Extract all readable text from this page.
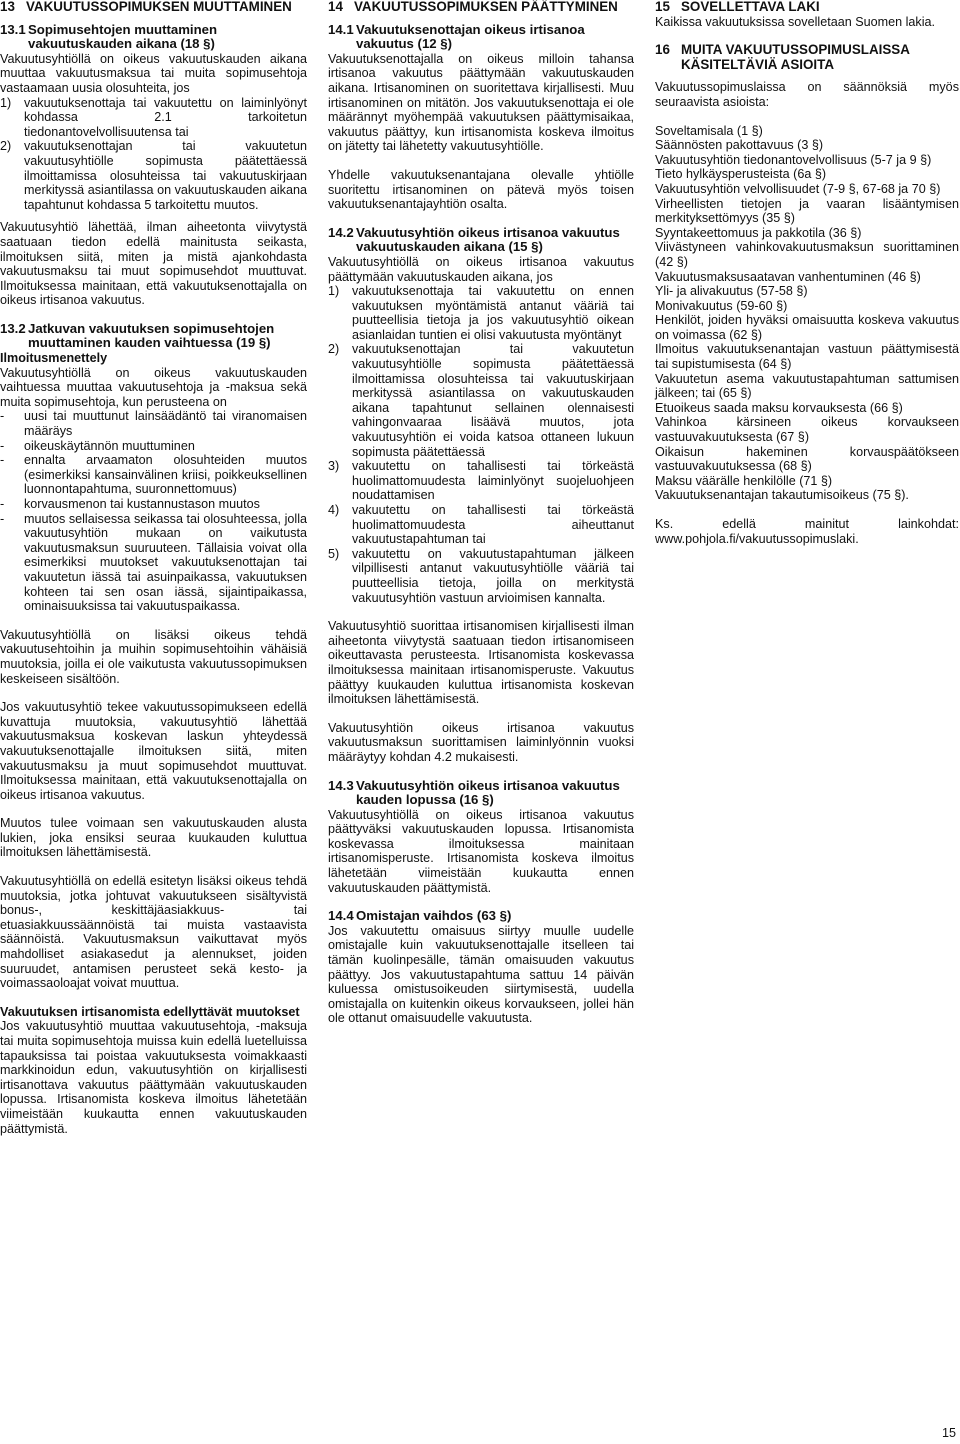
13 VAKUUTUSSOPIMUKSEN MUUTTAMINEN
13.1 Sopimusehtojen muuttaminen vakuutuskauden aikana (18 §)

Vakuutusyhtiöllä on oikeus vakuutuskauden aikana muuttaa vakuutusmaksua tai muita sopimusehtoja vastaamaan uusia olosuhteita, jos

1)	vakuutuksenottaja tai vakuutettu on laiminlyönyt kohdassa 2.1 tarkoitetun tiedonantovelvollisuutensa tai
2)	vakuutuksenottajan tai vakuutetun vakuutusyhtiölle sopimusta päätettäessä ilmoittamissa olosuhteissa tai vakuutuskirjaan merkityssä asiantilassa on vakuutuskauden aikana tapahtunut kohdassa 5 tarkoitettu muutos.

Vakuutusyhtiö lähettää, ilman aiheetonta viivytystä saatuaan tiedon edellä mainitusta seikasta, ilmoituksen siitä, miten ja mistä ajankohdasta vakuutusmaksu tai muut sopimusehdot muuttuvat. Ilmoituksessa mainitaan, että vakuutuksenottajalla on oikeus irtisanoa vakuutus.

13.2 Jatkuvan vakuutuksen sopimusehtojen muuttaminen kauden vaihtuessa (19 §)
Ilmoitusmenettely

Vakuutusyhtiöllä on oikeus vakuutuskauden vaihtuessa muuttaa vakuutusehtoja ja -maksua sekä muita sopimusehtoja, kun perusteena on

-	uusi tai muuttunut lainsäädäntö tai viranomaisen määräys
-	oikeuskäytännön muuttuminen
-	ennalta arvaamaton olosuhteiden muutos (esimerkiksi kansainvälinen kriisi, poikkeuksellinen luonnontapahtuma, suuronnettomuus)
-	korvausmenon tai kustannustason muutos
-	muutos sellaisessa seikassa tai olosuhteessa, jolla vakuutusyhtiön mukaan on vaikutusta vakuutusmaksun suuruuteen. Tällaisia voivat olla esimerkiksi muutokset vakuutuksenottajan tai vakuutetun iässä tai asuinpaikassa, vakuutuksen kohteen tai sen osan iässä, sijaintipaikassa, ominaisuuksissa tai vakuutuspaikassa.

Vakuutusyhtiöllä on lisäksi oikeus tehdä vakuutusehtoihin ja muihin sopimusehtoihin vähäisiä muutoksia, joilla ei ole vaikutusta vakuutussopimuksen keskeiseen sisältöön.

Jos vakuutusyhtiö tekee vakuutussopimukseen edellä kuvattuja muutoksia, vakuutusyhtiö lähettää vakuutusmaksua koskevan laskun yhteydessä vakuutuksenottajalle ilmoituksen siitä, miten vakuutusmaksu ja muut sopimusehdot muuttuvat. Ilmoituksessa mainitaan, että vakuutuksenottajalla on oikeus irtisanoa vakuutus.

Muutos tulee voimaan sen vakuutuskauden alusta lukien, joka ensiksi seuraa kuukauden kuluttua ilmoituksen lähettämisestä.

Vakuutusyhtiöllä on edellä esitetyn lisäksi oikeus tehdä muutoksia, jotka johtuvat vakuutukseen sisältyvistä bonus-, keskittäjäasiakkuus- tai etuasiakkuussäännöistä tai muista vastaavista säännöistä. Vakuutusmaksun vaikuttavat myös mahdolliset asiakasedut ja alennukset, joiden suuruudet, antamisen perusteet sekä kesto- ja voimassaoloajat voivat muuttua.

Vakuutuksen irtisanomista edellyttävät muutokset

Jos vakuutusyhtiö muuttaa vakuutusehtoja, -maksuja tai muita sopimusehtoja muissa kuin edellä luetelluissa tapauksissa tai poistaa vakuutuksesta voimakkaasti markkinoidun edun, vakuutusyhtiön on kirjallisesti irtisanottava vakuutus päättymään vakuutuskauden lopussa. Irtisanomista koskeva ilmoitus lähetetään viimeistään kuukautta ennen vakuutuskauden päättymistä.

14 VAKUUTUSSOPIMUKSEN PÄÄTTYMINEN
14.1 Vakuutuksenottajan oikeus irtisanoa vakuutus (12 §)

Vakuutuksenottajalla on oikeus milloin tahansa irtisanoa vakuutus päättymään vakuutuskauden aikana. Irtisanominen on suoritettava kirjallisesti. Muu irtisanominen on mitätön. Jos vakuutuksenottaja ei ole määrännyt myöhempää vakuutuksen päättymisaikaa, vakuutus päättyy, kun irtisanomista koskeva ilmoitus on jätetty tai lähetetty vakuutusyhtiölle.

Yhdelle vakuutuksenantajana olevalle yhtiölle suoritettu irtisanominen on pätevä myös toisen vakuutuksenantajayhtiön osalta.

14.2 Vakuutusyhtiön oikeus irtisanoa vakuutus vakuutuskauden aikana (15 §)

Vakuutusyhtiöllä on oikeus irtisanoa vakuutus päättymään vakuutuskauden aikana, jos

1)	vakuutuksenottaja tai vakuutettu on ennen vakuutuksen myöntämistä antanut vääriä tai puutteellisia tietoja ja jos vakuutusyhtiö oikean asianlaidan tuntien ei olisi vakuutusta myöntänyt
2)	vakuutuksenottajan tai vakuutetun vakuutusyhtiölle sopimusta päätettäessä ilmoittamissa olosuhteissa tai vakuutuskirjaan merkityssä asiantilassa on vakuutuskauden aikana tapahtunut sellainen olennaisesti vahingonvaaraa lisäävä muutos, jota vakuutusyhtiön ei voida katsoa ottaneen lukuun sopimusta päätettäessä
3)	vakuutettu on tahallisesti tai törkeästä huolimattomuudesta laiminlyönyt suojeluohjeen noudattamisen
4)	vakuutettu on tahallisesti tai törkeästä huolimattomuudesta aiheuttanut vakuutustapahtuman tai
5)	vakuutettu on vakuutustapahtuman jälkeen vilpillisesti antanut vakuutusyhtiölle vääriä tai puutteellisia tietoja, joilla on merkitystä vakuutusyhtiön vastuun arvioimisen kannalta.

Vakuutusyhtiö suorittaa irtisanomisen kirjallisesti ilman aiheetonta viivytystä saatuaan tiedon irtisanomiseen oikeuttavasta perusteesta. Irtisanomista koskevassa ilmoituksessa mainitaan irtisanomisperuste. Vakuutus päättyy kuukauden kuluttua irtisanomista koskevan ilmoituksen lähettämisestä.

Vakuutusyhtiön oikeus irtisanoa vakuutus vakuutusmaksun suorittamisen laiminlyönnin vuoksi määräytyy kohdan 4.2 mukaisesti.

14.3 Vakuutusyhtiön oikeus irtisanoa vakuutus kauden lopussa (16 §)

Vakuutusyhtiöllä on oikeus irtisanoa vakuutus päättyväksi vakuutuskauden lopussa. Irtisanomista koskevassa ilmoituksessa mainitaan irtisanomisperuste. Irtisanomista koskeva ilmoitus lähetetään viimeistään kuukautta ennen vakuutuskauden päättymistä.

14.4 Omistajan vaihdos (63 §)

Jos vakuutettu omaisuus siirtyy muulle uudelle omistajalle kuin vakuutuksenottajalle itselleen tai tämän kuolinpesälle, tämän omaisuuden vakuutus päättyy. Jos vakuutustapahtuma sattuu 14 päivän kuluessa omistusoikeuden siirtymisestä, uudella omistajalla on kuitenkin oikeus korvaukseen, jollei hän ole ottanut omaisuudelle vakuutusta.

15 SOVELLETTAVA LAKI

Kaikissa vakuutuksissa sovelletaan Suomen lakia.

16 MUITA VAKUUTUSSOPIMUSLAISSA KÄSITELTÄVIÄ ASIOITA

Vakuutussopimuslaissa on säännöksiä myös seuraavista asioista:

Soveltamisala (1 §)
Säännösten pakottavuus (3 §)
Vakuutusyhtiön tiedonantovelvollisuus (5-7 ja 9 §)
Tieto hylkäysperusteista (6a §)
Vakuutusyhtiön velvollisuudet (7-9 §, 67-68 ja 70 §)
Virheellisten tietojen ja vaaran lisääntymisen merkityksettömyys (35 §)
Syyntakeettomuus ja pakkotila (36 §)
Viivästyneen vahinkovakuutusmaksun suorittaminen (42 §)
Vakuutusmaksusaatavan vanhentuminen (46 §)
Yli- ja alivakuutus (57-58 §)
Monivakuutus (59-60 §)
Henkilöt, joiden hyväksi omaisuutta koskeva vakuutus on voimassa (62 §)
Ilmoitus vakuutuksenantajan vastuun päättymisestä tai supistumisesta (64 §)
Vakuutetun asema vakuutustapahtuman sattumisen jälkeen; tai (65 §)
Etuoikeus saada maksu korvauksesta (66 §)
Vahinkoa kärsineen oikeus korvaukseen vastuuvakuutuksesta (67 §)
Oikaisun hakeminen korvauspäätökseen vastuuvakuutuksessa (68 §)
Maksu väärälle henkilölle (71 §)
Vakuutuksenantajan takautumisoikeus (75 §).

Ks. edellä mainitut lainkohdat: www.pohjola.fi/vakuutussopimuslaki.

15
